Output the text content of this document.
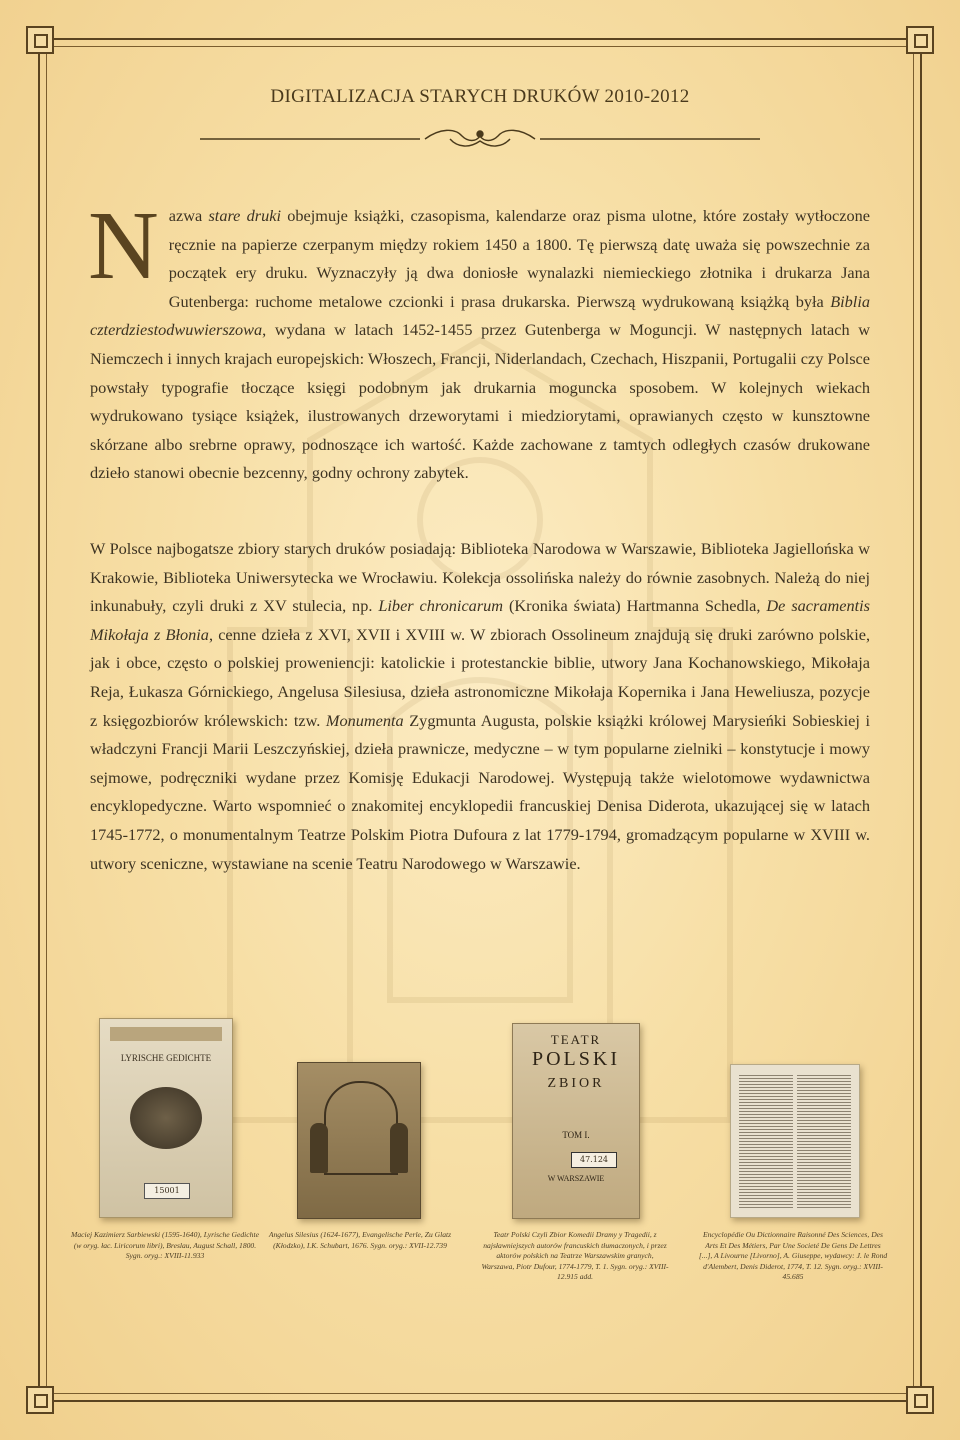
DIGITALIZACJA STARYCH DRUKÓW 2010-2012
Nazwa stare druki obejmuje książki, czasopisma, kalendarze oraz pisma ulotne, które zostały wytłoczone ręcznie na papierze czerpanym między rokiem 1450 a 1800. Tę pierwszą datę uważa się powszechnie za początek ery druku. Wyznaczyły ją dwa doniosłe wynalazki niemieckiego złotnika i drukarza Jana Gutenberga: ruchome metalowe czcionki i prasa drukarska. Pierwszą wydrukowaną książką była Biblia czterdziestodwuwierszowa, wydana w latach 1452-1455 przez Gutenberga w Moguncji. W następnych latach w Niemczech i innych krajach europejskich: Włoszech, Francji, Niderlandach, Czechach, Hiszpanii, Portugalii czy Polsce powstały typografie tłoczące księgi podobnym jak drukarnia moguncka sposobem. W kolejnych wiekach wydrukowano tysiące książek, ilustrowanych drzeworytami i miedziorytami, oprawianych często w kunsztowne skórzane albo srebrne oprawy, podnoszące ich wartość. Każde zachowane z tamtych odległych czasów drukowane dzieło stanowi obecnie bezcenny, godny ochrony zabytek.
W Polsce najbogatsze zbiory starych druków posiadają: Biblioteka Narodowa w Warszawie, Biblioteka Jagiellońska w Krakowie, Biblioteka Uniwersytecka we Wrocławiu. Kolekcja ossolińska należy do równie zasobnych. Należą do niej inkunabuły, czyli druki z XV stulecia, np. Liber chronicarum (Kronika świata) Hartmanna Schedla, De sacramentis Mikołaja z Błonia, cenne dzieła z XVI, XVII i XVIII w. W zbiorach Ossolineum znajdują się druki zarówno polskie, jak i obce, często o polskiej proweniencji: katolickie i protestanckie biblie, utwory Jana Kochanowskiego, Mikołaja Reja, Łukasza Górnickiego, Angelusa Silesiusa, dzieła astronomiczne Mikołaja Kopernika i Jana Heweliusza, pozycje z księgozbiorów królewskich: tzw. Monumenta Zygmunta Augusta, polskie książki królowej Marysieńki Sobieskiej i władczyni Francji Marii Leszczyńskiej, dzieła prawnicze, medyczne – w tym popularne zielniki – konstytucje i mowy sejmowe, podręczniki wydane przez Komisję Edukacji Narodowej. Występują także wielotomowe wydawnictwa encyklopedyczne. Warto wspomnieć o znakomitej encyklopedii francuskiej Denisa Diderota, ukazującej się w latach 1745-1772, o monumentalnym Teatrze Polskim Piotra Dufoura z lat 1779-1794, gromadzącym popularne w XVIII w. utwory sceniczne, wystawiane na scenie Teatru Narodowego w Warszawie.
LYRISCHE GEDICHTE
15001
TEATR
POLSKI
ZBIOR
TOM I.
47.124
W WARSZAWIE
Maciej Kazimierz Sarbiewski (1595-1640), Lyrische Gedichte (w oryg. łac. Liricorum libri), Breslau, August Schall, 1800. Sygn. oryg.: XVIII-11.933
Angelus Silesius (1624-1677), Evangelische Perle, Zu Glatz (Kłodzko), I.K. Schubart, 1676. Sygn. oryg.: XVII-12.739
Teatr Polski Czyli Zbior Komedii Dramy y Tragedii, z najsławniejszych autorów francuskich tłumaczonych, i przez aktorów polskich na Teatrze Warszawskim granych, Warszawa, Piotr Dufour, 1774-1779, T. 1. Sygn. oryg.: XVIII-12.915 add.
Encyclopédie Ou Dictionnaire Raisonné Des Sciences, Des Arts Et Des Métiers, Par Une Societé De Gens De Lettres [...], A Livourne [Livorno], A. Giuseppe, wydawcy: J. le Rond d'Alembert, Denis Diderot, 1774, T. 12. Sygn. oryg.: XVIII-45.685
